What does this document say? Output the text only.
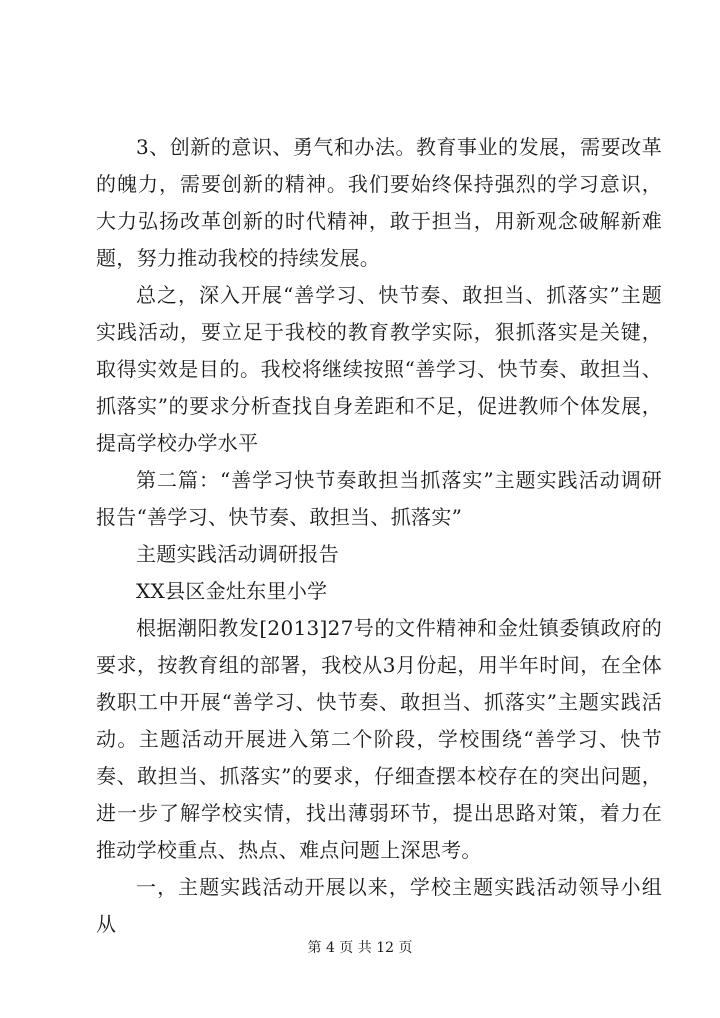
3、创新的意识、勇气和办法。教育事业的发展，需要改革的魄力，需要创新的精神。我们要始终保持强烈的学习意识，大力弘扬改革创新的时代精神，敢于担当，用新观念破解新难题，努力推动我校的持续发展。

总之，深入开展“善学习、快节奏、敢担当、抓落实”主题实践活动，要立足于我校的教育教学实际，狠抓落实是关键，取得实效是目的。我校将继续按照“善学习、快节奏、敢担当、抓落实”的要求分析查找自身差距和不足，促进教师个体发展，提高学校办学水平

第二篇：“善学习快节奏敢担当抓落实”主题实践活动调研报告“善学习、快节奏、敢担当、抓落实”

主题实践活动调研报告

XX县区金灶东里小学

根据潮阳教发[2013]27号的文件精神和金灶镇委镇政府的要求，按教育组的部署，我校从3月份起，用半年时间，在全体教职工中开展“善学习、快节奏、敢担当、抓落实”主题实践活动。主题活动开展进入第二个阶段，学校围绕“善学习、快节奏、敢担当、抓落实”的要求，仔细查摆本校存在的突出问题，进一步了解学校实情，找出薄弱环节，提出思路对策，着力在推动学校重点、热点、难点问题上深思考。

一，主题实践活动开展以来，学校主题实践活动领导小组从

第 4 页 共 12 页
